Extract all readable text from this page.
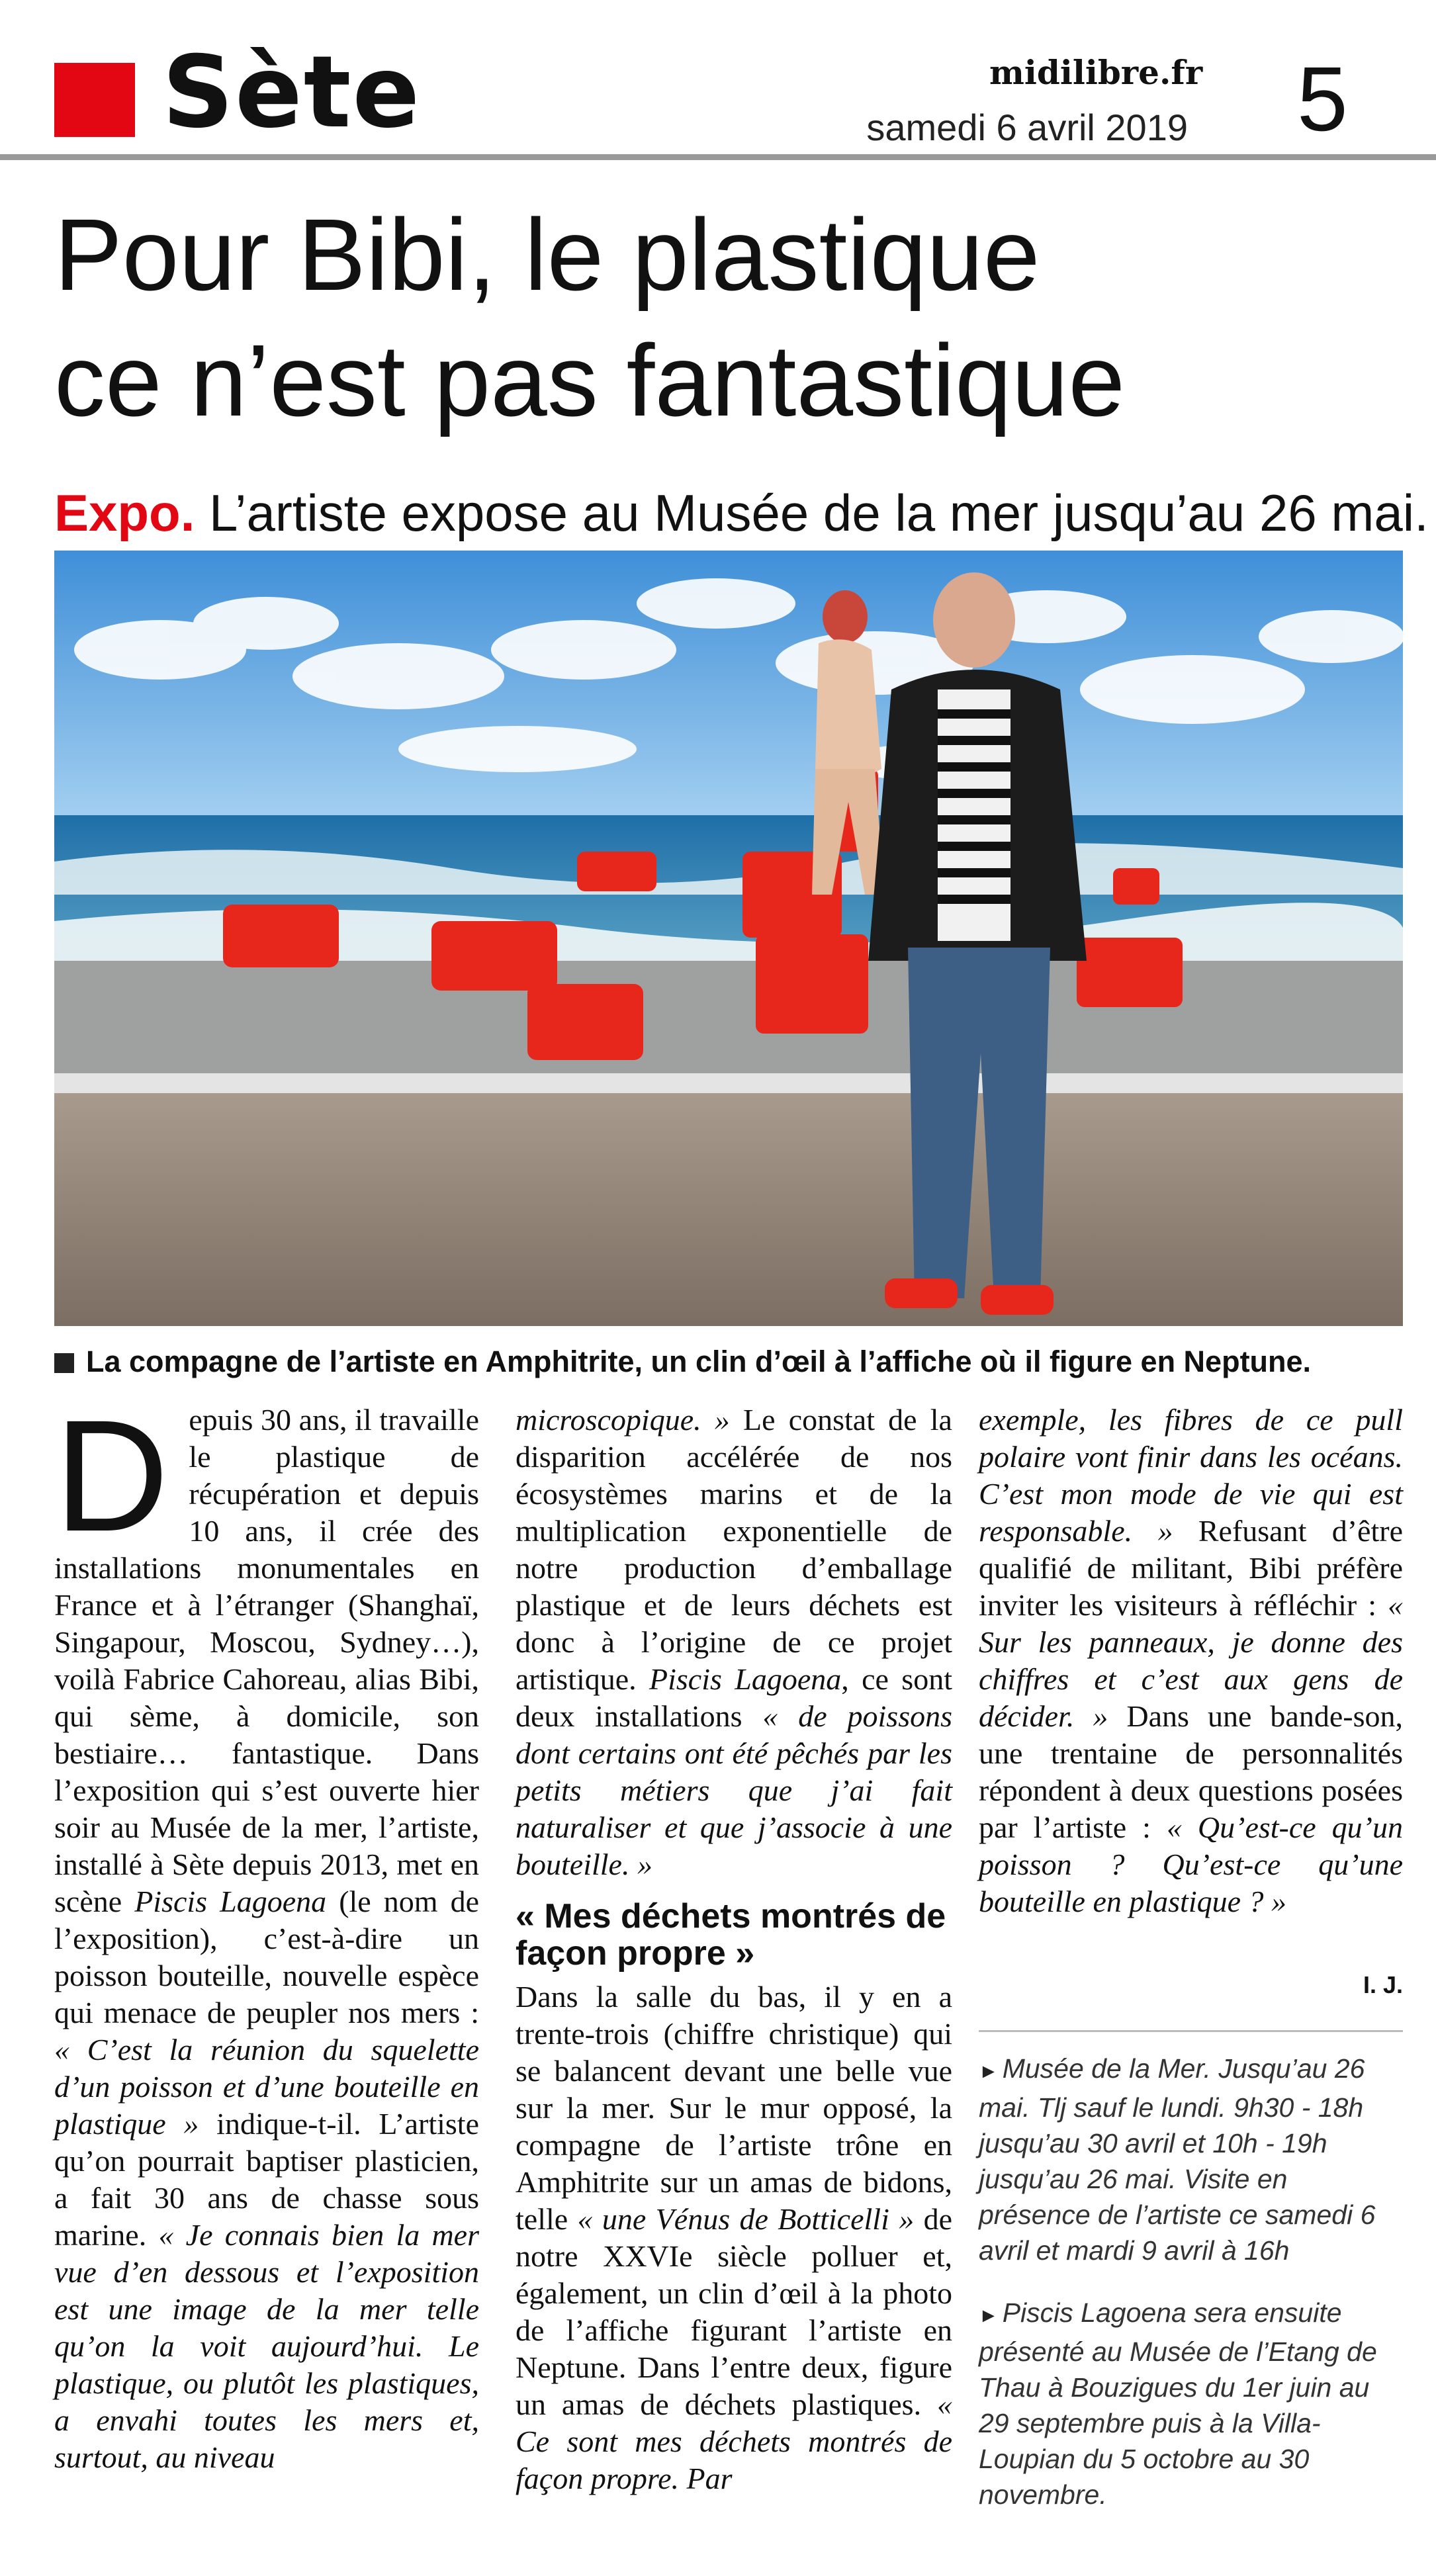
Sète	midilibre.fr
samedi 6 avril 2019 5
Pour Bibi, le plastique
ce n’est pas fantastique
Expo. L’artiste expose au Musée de la mer jusqu’au 26 mai.
La compagne de l’artiste en Amphitrite, un clin d’œil à l’affiche où il figure en Neptune.

Depuis 30 ans, il travaille le plastique de récupération et depuis 10 ans, il crée des installations monumentales en France et à l’étranger (Shanghaï, Singapour, Moscou, Sydney…), voilà Fabrice Cahoreau, alias Bibi, qui sème, à domicile, son bestiaire… fantastique. Dans l’exposition qui s’est ouverte hier soir au Musée de la mer, l’artiste, installé à Sète depuis 2013, met en scène Piscis Lagoena (le nom de l’exposition), c’est-à-dire un poisson bouteille, nouvelle espèce qui menace de peupler nos mers : « C’est la réunion du squelette d’un poisson et d’une bouteille en plastique » indique-t-il. L’artiste qu’on pourrait baptiser plasticien, a fait 30 ans de chasse sous marine. « Je connais bien la mer vue d’en dessous et l’exposition est une image de la mer telle qu’on la voit aujourd’hui. Le plastique, ou plutôt les plastiques, a envahi toutes les mers et, surtout, au niveau

microscopique. » Le constat de la disparition accélérée de nos écosystèmes marins et de la multiplication exponentielle de notre production d’emballage plastique et de leurs déchets est donc à l’origine de ce projet artistique. Piscis Lagoena, ce sont deux installations « de poissons dont certains ont été pêchés par les petits métiers que j’ai fait naturaliser et que j’associe à une bouteille. »

« Mes déchets montrés de façon propre »

Dans la salle du bas, il y en a trente-trois (chiffre christique) qui se balancent devant une belle vue sur la mer. Sur le mur opposé, la compagne de l’artiste trône en Amphitrite sur un amas de bidons, telle « une Vénus de Botticelli » de notre XXVIe siècle polluer et, également, un clin d’œil à la photo de l’affiche figurant l’artiste en Neptune. Dans l’entre deux, figure un amas de déchets plastiques. « Ce sont mes déchets montrés de façon propre. Par

exemple, les fibres de ce pull polaire vont finir dans les océans. C’est mon mode de vie qui est responsable. » Refusant d’être qualifié de militant, Bibi préfère inviter les visiteurs à réfléchir : « Sur les panneaux, je donne des chiffres et c’est aux gens de décider. » Dans une bande-son, une trentaine de personnalités répondent à deux questions posées par l’artiste : « Qu’est-ce qu’un poisson ? Qu’est-ce qu’une bouteille en plastique ? »

I. J.
► Musée de la Mer. Jusqu’au 26 mai. Tlj sauf le lundi. 9h30 - 18h jusqu’au 30 avril et 10h - 19h jusqu’au 26 mai. Visite en présence de l’artiste ce samedi 6 avril et mardi 9 avril à 16h
► Piscis Lagoena sera ensuite présenté au Musée de l’Etang de Thau à Bouzigues du 1er juin au 29 septembre puis à la Villa-Loupian du 5 octobre au 30 novembre.
